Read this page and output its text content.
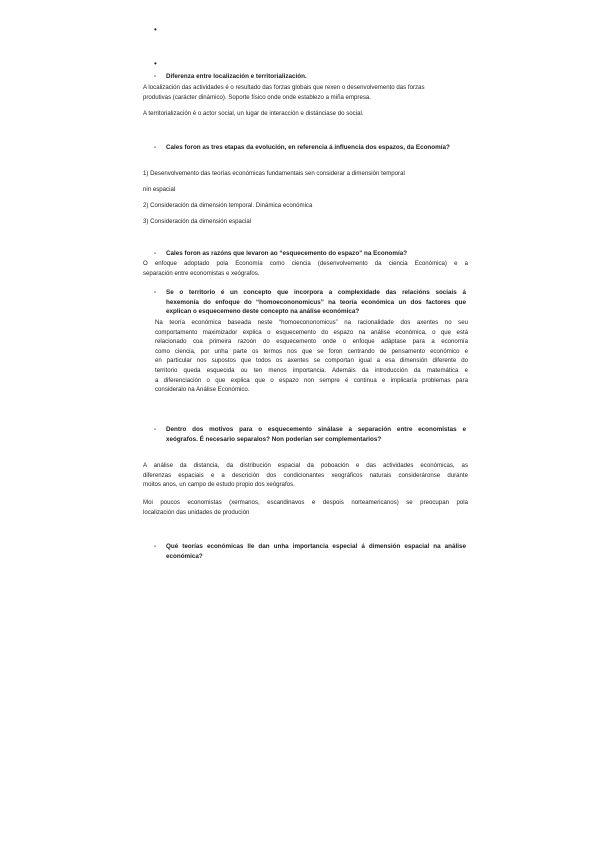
•
•
- Diferenza entre localización e territorialización.
A localización das actividades é o resultado das forzas globais que rexen o desenvolvemento das forzas
produtivas (carácter dinámico). Soporte físico onde onde establezo a miña empresa.
A territorialización é o actor social, un lugar de interacción e distánciase do social.
- Cales foron as tres etapas da evolución, en referencia á influencia dos espazos, da Economía?
1) Desenvolvemento das teorías económicas fundamentais sen considerar a dimensión temporal
nin espacial
2) Consideración da dimensión temporal. Dinámica económica
3) Consideración da dimensión espacial
- Cales foron as razóns que levaron ao “esquecemento do espazo” na Economía?
O enfoque adoptado pola Economía como ciencia (desenvolvemento da ciencia Económica) e a
separación entre economistas e xeógrafos.
- Se o territorio é un concepto que incorpora a complexidade das relacións sociais á
hexemonía do enfoque do “homoecononomicus” na teoría económica un dos factores que
explican o esquecemeno deste concepto na análise económica?
Na teoría económica baseada neste “homoecononomicus” na racionalidade dos axentes no seu
comportamento maximizador explica o esquecemento do espazo na análise económica, o que está
relacionado coa primeira razoón do esquecemento onde o enfoque adáptase para a economía
como ciencia, por unha parte os termos nos que se foron centrando de pensamento económico e
en particular nos supostos que todos os axentes se comportan igual a esa dimensión diferente do
territorio queda esquecida ou ten menos importancia. Ademáis da introducción da matemática e
a diferenciación o que explica que o espazo non sempre é continua e implicaría problemas para
consideralo na Análise Económico.
- Dentro dos motivos para o esquecemento sinálase a separación entre economistas e
xeógrafos. É necesario separalos? Non poderían ser complementarios?
A análise da distancia, da distribución espacial da poboación e das actividades económicas, as
diferenzas espaciais e a descrición dos condicionantes xeográficos naturais consideráronse durante
moitos anos, un campo de estudo propio dos xeógrafos.
Moi poucos economistas (xermanos, escandinavos e despois norteamericanos) se preocupan pola
localización das unidades de produción
- Qué teorías económicas lle dan unha importancia especial á dimensión espacial na análise
económica?
